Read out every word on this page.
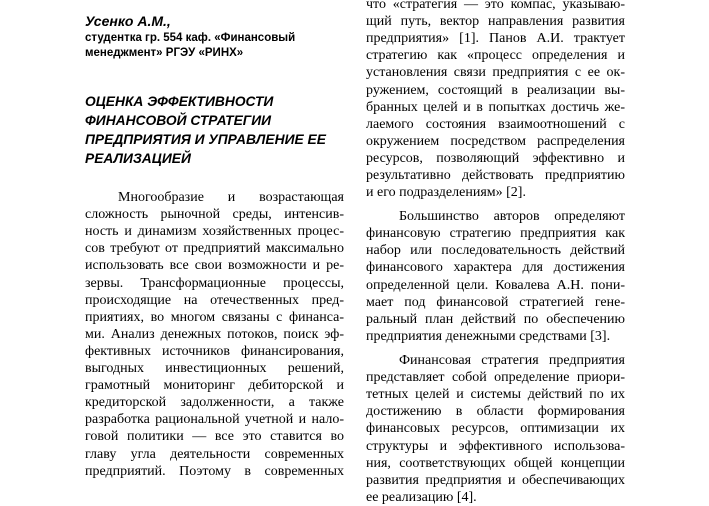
Усенко А.М.,

студентка гр. 554 каф. «Финансовый
менеджмент» РГЭУ «РИНХ»
ОЦЕНКА ЭФФЕКТИВНОСТИ
ФИНАНСОВОЙ СТРАТЕГИИ
ПРЕДПРИЯТИЯ И УПРАВЛЕНИЕ ЕЕ
РЕАЛИЗАЦИЕЙ
Многообразие и возрастающая
сложность рыночной среды, интенсив-
ность и динамизм хозяйственных процес-
сов требуют от предприятий максимально
использовать все свои возможности и ре-
зервы. Трансформационные процессы,
происходящие на отечественных пред-
приятиях, во многом связаны с финанса-
ми. Анализ денежных потоков, поиск эф-
фективных источников финансирования,
выгодных инвестиционных решений,
грамотный мониторинг дебиторской и
кредиторской задолженности, а также
разработка рациональной учетной и нало-
говой политики — все это ставится во
главу угла деятельности современных
предприятий. Поэтому в современных
что «стратегия — это компас, указываю-
щий путь, вектор направления развития
предприятия» [1]. Панов А.И. трактует
стратегию как «процесс определения и
установления связи предприятия с ее ок-
ружением, состоящий в реализации вы-
бранных целей и в попытках достичь же-
лаемого состояния взаимоотношений с
окружением посредством распределения
ресурсов, позволяющий эффективно и
результативно действовать предприятию
и его подразделениям» [2].
Большинство авторов определяют
финансовую стратегию предприятия как
набор или последовательность действий
финансового характера для достижения
определенной цели. Ковалева А.Н. пони-
мает под финансовой стратегией гене-
ральный план действий по обеспечению
предприятия денежными средствами [3].
Финансовая стратегия предприятия
представляет собой определение приори-
тетных целей и системы действий по их
достижению в области формирования
финансовых ресурсов, оптимизации их
структуры и эффективного использова-
ния, соответствующих общей концепции
развития предприятия и обеспечивающих
ее реализацию [4].
